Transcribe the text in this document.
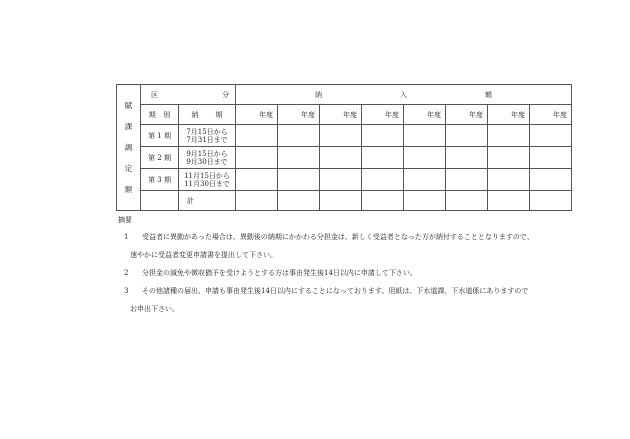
賦
課
調
定
額	区 分		納 入 額							

	期 別	納 期	年度	年度	年度	年度	年度	年度	年度	年度
	第 1 期	7月15日から
7月31日まで								

	第 2 期	9月15日から
9月30日まで								

	第 3 期	11月15日から
11月30日まで								

		計								
摘要
1 受益者に異動があった場合は、異動後の納期にかかわる分担金は、新しく受益者となった方が納付することとなりますので、

速やかに受益者変更申請書を提出して下さい。

2 分担金の減免や徴収猶予を受けようとする方は事由発生後14日以内に申請して下さい。

3 その他諸種の届出、申請も事由発生後14日以内にすることになっております。用紙は、下水道課、下水道係にありますので

お申出下さい。
